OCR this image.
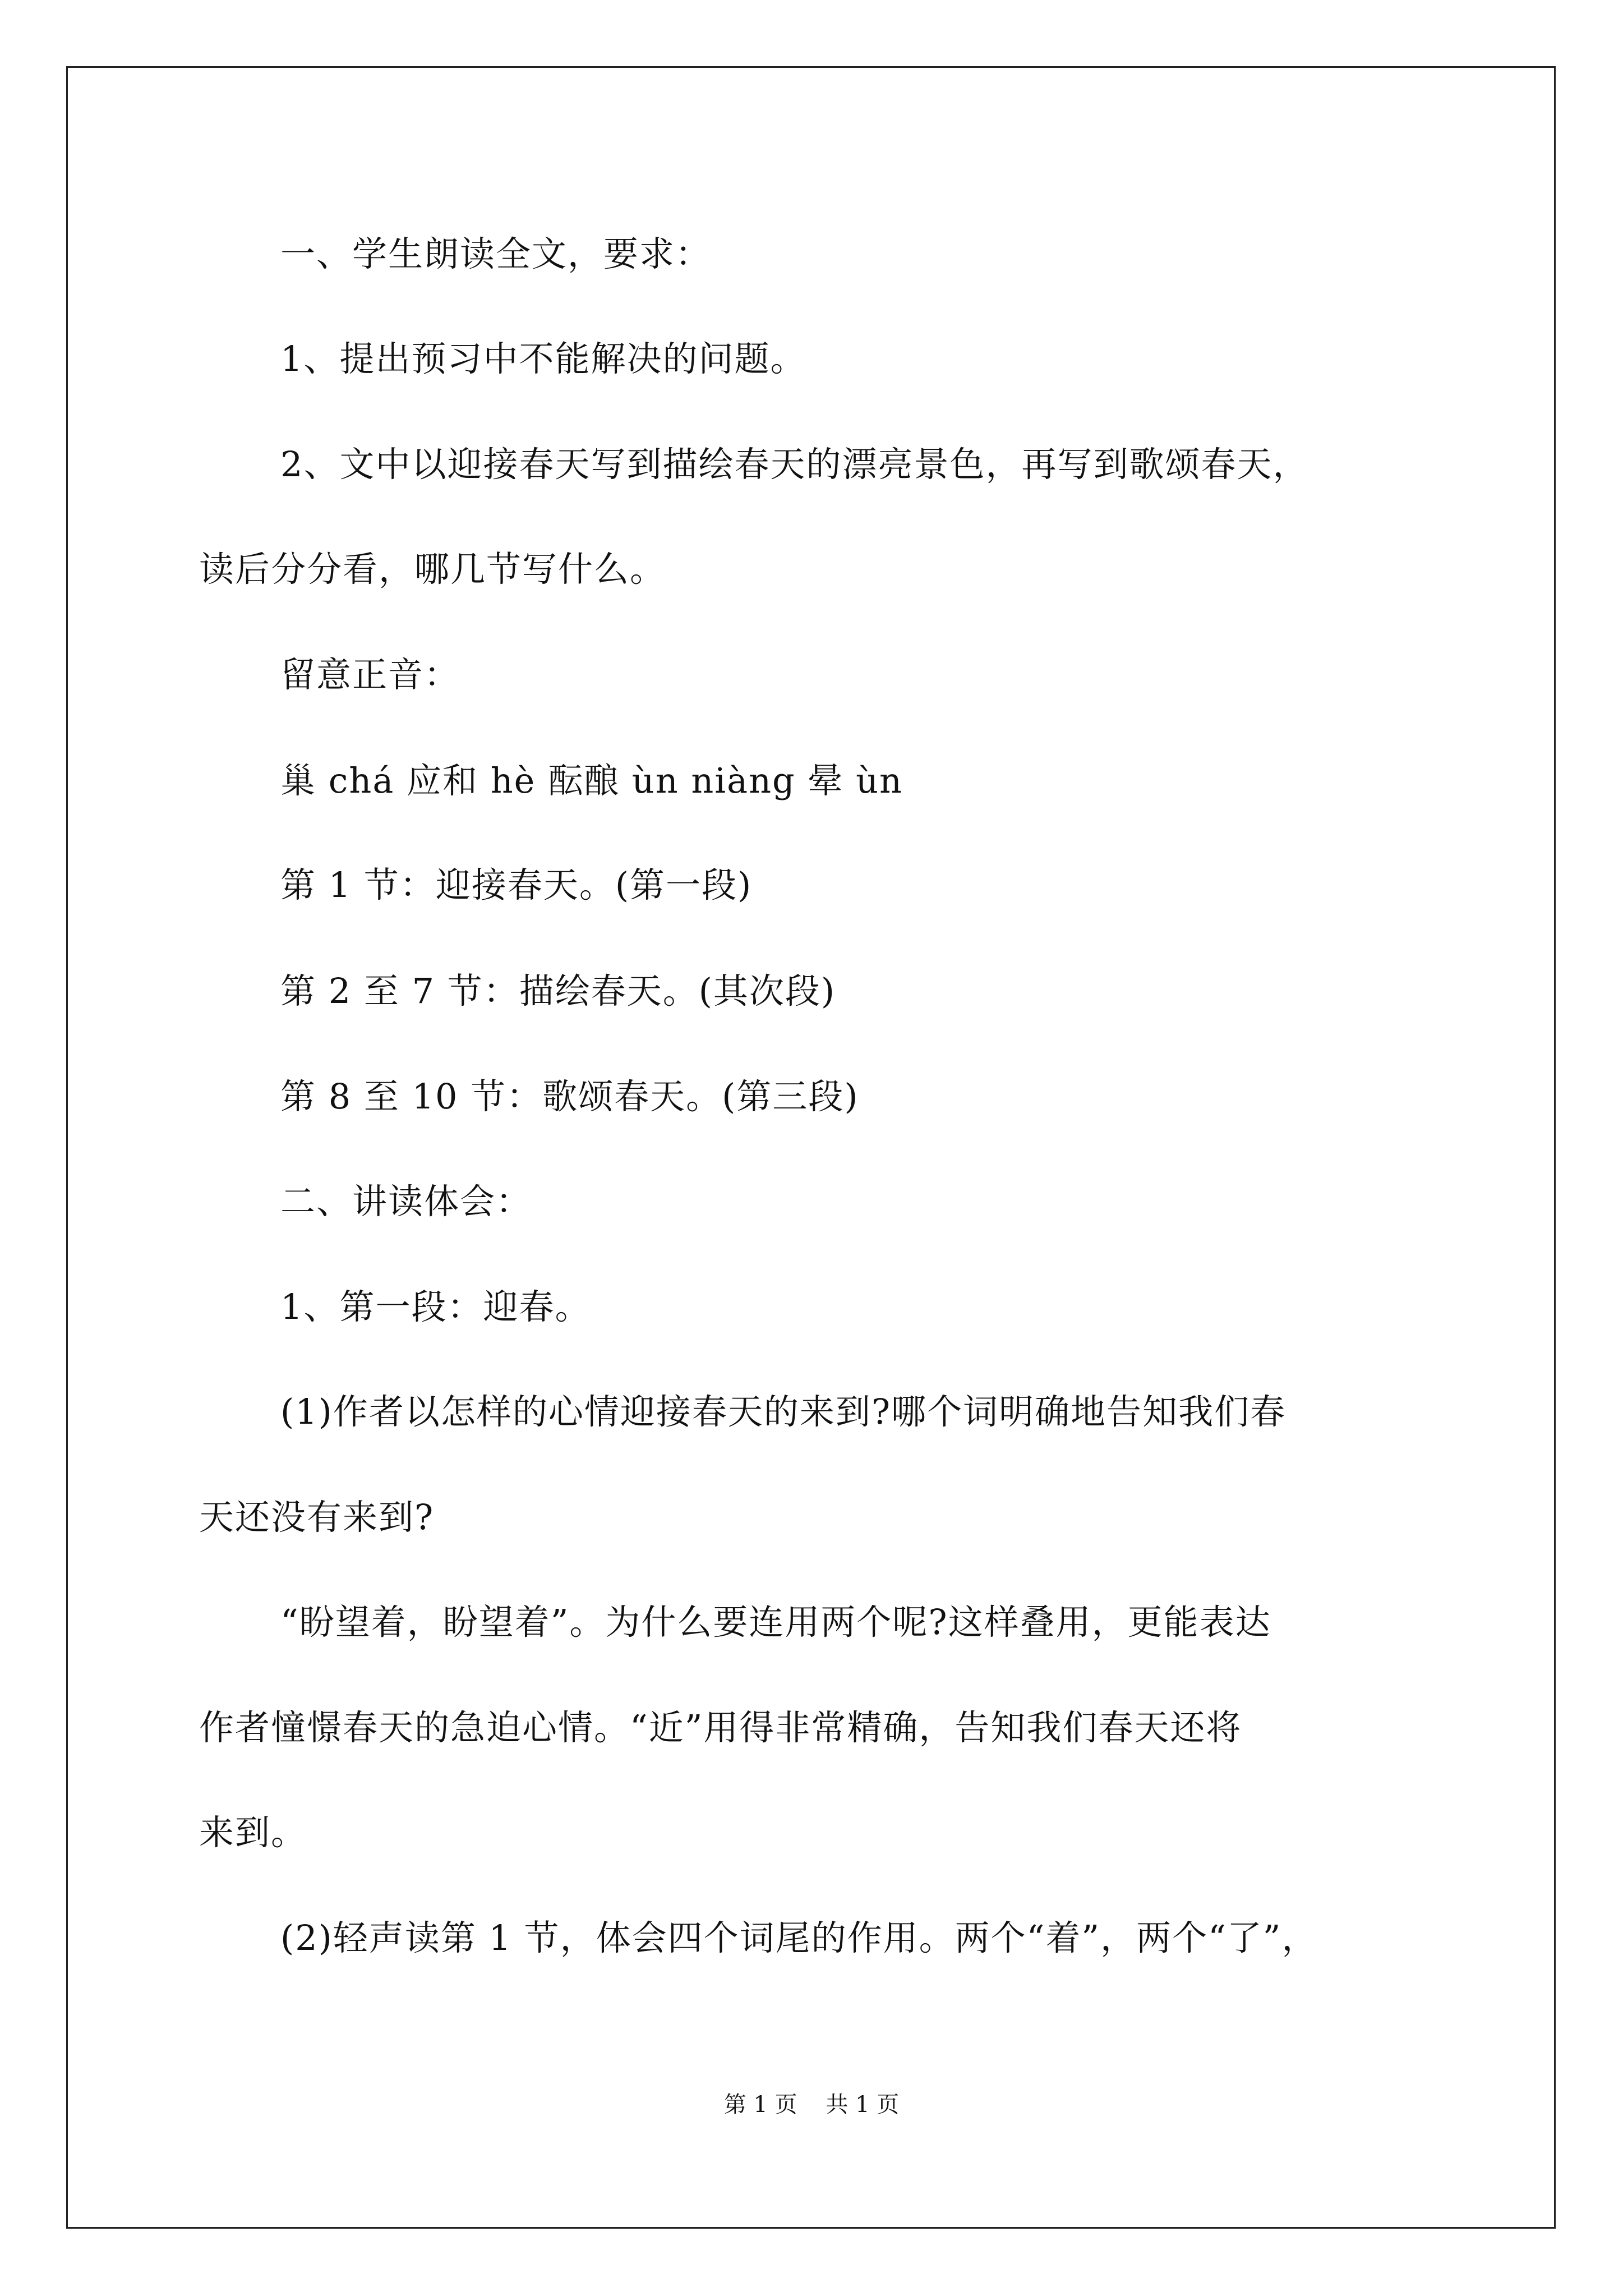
一、学生朗读全文，要求：
1、提出预习中不能解决的问题。
2、文中以迎接春天写到描绘春天的漂亮景色，再写到歌颂春天，
读后分分看，哪几节写什么。
留意正音：
巢 chá 应和 hè 酝酿 ùn niàng 晕 ùn
第 1 节：迎接春天。(第一段)
第 2 至 7 节：描绘春天。(其次段)
第 8 至 10 节：歌颂春天。(第三段)
二、讲读体会：
1、第一段：迎春。
(1)作者以怎样的心情迎接春天的来到?哪个词明确地告知我们春
天还没有来到?
“盼望着，盼望着”。为什么要连用两个呢?这样叠用，更能表达
作者憧憬春天的急迫心情。“近”用得非常精确，告知我们春天还将
来到。
(2)轻声读第 1 节，体会四个词尾的作用。两个“着”，两个“了”，
第 1 页    共 1 页
